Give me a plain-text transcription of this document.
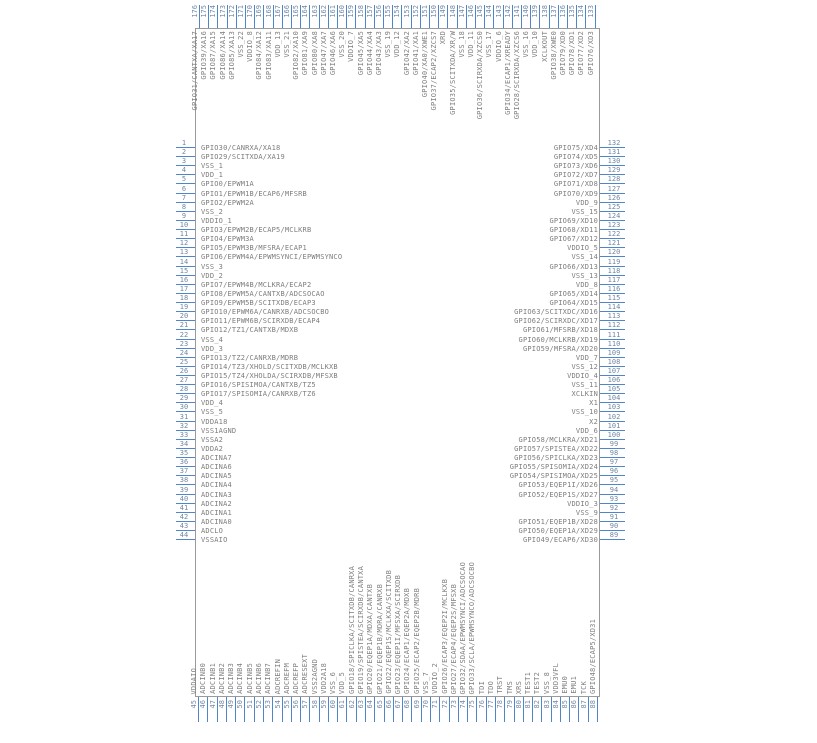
1
GPIO30/CANRXA/XA18
2
GPIO29/SCITXDA/XA19
3
VSS_1
4
VDD_1
5
GPIO0/EPWM1A
6
GPIO1/EPWM1B/ECAP6/MFSRB
7
GPIO2/EPWM2A
8
VSS_2
9
VDDIO_1
10
GPIO3/EPWM2B/ECAP5/MCLKRB
11
GPIO4/EPWM3A
12
GPIO5/EPWM3B/MFSRA/ECAP1
13
GPIO6/EPWM4A/EPWMSYNCI/EPWMSYNCO
14
VSS_3
15
VDD_2
16
GPIO7/EPWM4B/MCLKRA/ECAP2
17
GPIO8/EPWM5A/CANTXB/ADCSOCAO
18
GPIO9/EPWM5B/SCITXDB/ECAP3
19
GPIO10/EPWM6A/CANRXB/ADCSOCBO
20
GPIO11/EPWM6B/SCIRXDB/ECAP4
21
GPIO12/TZ1/CANTXB/MDXB
22
VSS_4
23
VDD_3
24
GPIO13/TZ2/CANRXB/MDRB
25
GPIO14/TZ3/XHOLD/SCITXDB/MCLKXB
26
GPIO15/TZ4/XHOLDA/SCIRXDB/MFSXB
27
GPIO16/SPISIMOA/CANTXB/TZ5
28
GPIO17/SPISOMIA/CANRXB/TZ6
29
VDD_4
30
VSS_5
31
VDDA18
32
VSS1AGND
33
VSSA2
34
VDDA2
35
ADCINA7
36
ADCINA6
37
ADCINA5
38
ADCINA4
39
ADCINA3
40
ADCINA2
41
ADCINA1
42
ADCINA0
43
ADCLO
44
VSSAIO
132
GPIO75/XD4
131
GPIO74/XD5
130
GPIO73/XD6
129
GPIO72/XD7
128
GPIO71/XD8
127
GPIO70/XD9
126
VDD_9
125
VSS_15
124
GPIO69/XD10
123
GPIO68/XD11
122
GPIO67/XD12
121
VDDIO_5
120
VSS_14
119
GPIO66/XD13
118
VSS_13
117
VDD_8
116
GPIO65/XD14
115
GPIO64/XD15
114
GPIO63/SCITXDC/XD16
113
GPIO62/SCIRXDC/XD17
112
GPIO61/MFSRB/XD18
111
GPIO60/MCLKRB/XD19
110
GPIO59/MFSRA/XD20
109
VDD_7
108
VSS_12
107
VDDIO_4
106
VSS_11
105
XCLKIN
104
X1
103
VSS_10
102
X2
101
VDD_6
100
GPIO58/MCLKRA/XD21
99
GPIO57/SPISTEA/XD22
98
GPIO56/SPICLKA/XD23
97
GPIO55/SPISOMIA/XD24
96
GPIO54/SPISIMOA/XD25
95
GPIO53/EQEP1I/XD26
94
GPIO52/EQEP1S/XD27
93
VDDIO_3
92
VSS_9
91
GPIO51/EQEP1B/XD28
90
GPIO50/EQEP1A/XD29
89
GPIO49/ECAP6/XD30
176
GPIO31/CANTXA/XA17
175
GPIO39/XA16
174
GPIO87/XA15
173
GPIO86/XA14
172
GPIO85/XA13
171
VSS_22
170
VDDIO_8
169
GPIO84/XA12
168
GPIO83/XA11
167
VDD_13
166
VSS_21
165
GPIO82/XA10
164
GPIO81/XA9
163
GPIO80/XA8
162
GPIO47/XA7
161
GPIO46/XA6
160
VSS_20
159
VDDIO_7
158
GPIO45/XA5
157
GPIO44/XA4
156
GPIO43/XA3
155
VSS_19
154
VDD_12
153
GPIO42/XA2
152
GPIO41/XA1
151
GPIO40/XA0/XWE1
150
GPIO37/ECAP2/XZCS7
149
XRD
148
GPIO35/SCITXDA/XR/W
147
VSS_18
146
VDD_11
145
GPIO36/SCIRXDA/XZCS0
144
VSS_17
143
VDDIO_6
142
GPIO34/ECAP1/XREADY
141
GPIO28/SCIRXDA/XZCS6
140
VSS_16
139
VDD_10
138
XCLKOUT
137
GPIO38/XWE0
136
GPIO79/XD0
135
GPIO78/XD1
134
GPIO77/XD2
133
GPIO76/XD3
45
VDDAIO
46
ADCINB0
47
ADCINB1
48
ADCINB2
49
ADCINB3
50
ADCINB4
51
ADCINB5
52
ADCINB6
53
ADCINB7
54
ADCREFIN
55
ADCREFM
56
ADCREFP
57
ADCRESEXT
58
VSS2AGND
59
VDD2A18
60
VSS_6
61
VDD_5
62
GPIO18/SPICLKA/SCITXDB/CANRXA
63
GPIO19/SPISTEA/SCIRXDB/CANTXA
64
GPIO20/EQEP1A/MDXA/CANTXB
65
GPIO21/EQEP1B/MDRA/CANRXB
66
GPIO22/EQEP1S/MCLKXA/SCITXDB
67
GPIO23/EQEP1I/MFSXA/SCIRXDB
68
GPIO24/ECAP1/EQEP2A/MDXB
69
GPIO25/ECAP2/EQEP2B/MDRB
70
VSS_7
71
VDDIO_2
72
GPIO26/ECAP3/EQEP2I/MCLKXB
73
GPIO27/ECAP4/EQEP2S/MFSXB
74
GPIO32/SDAA/EPWMSYNCI/ADCSOCAO
75
GPIO33/SCLA/EPWMSYNCO/ADCSOCBO
76
TDI
77
TDO
78
TRST
79
TMS
80
XRS
81
TEST1
82
TEST2
83
VSS_8
84
VDD3VFL
85
EMU0
86
EMU1
87
TCK
88
GPIO48/ECAP5/XD31
